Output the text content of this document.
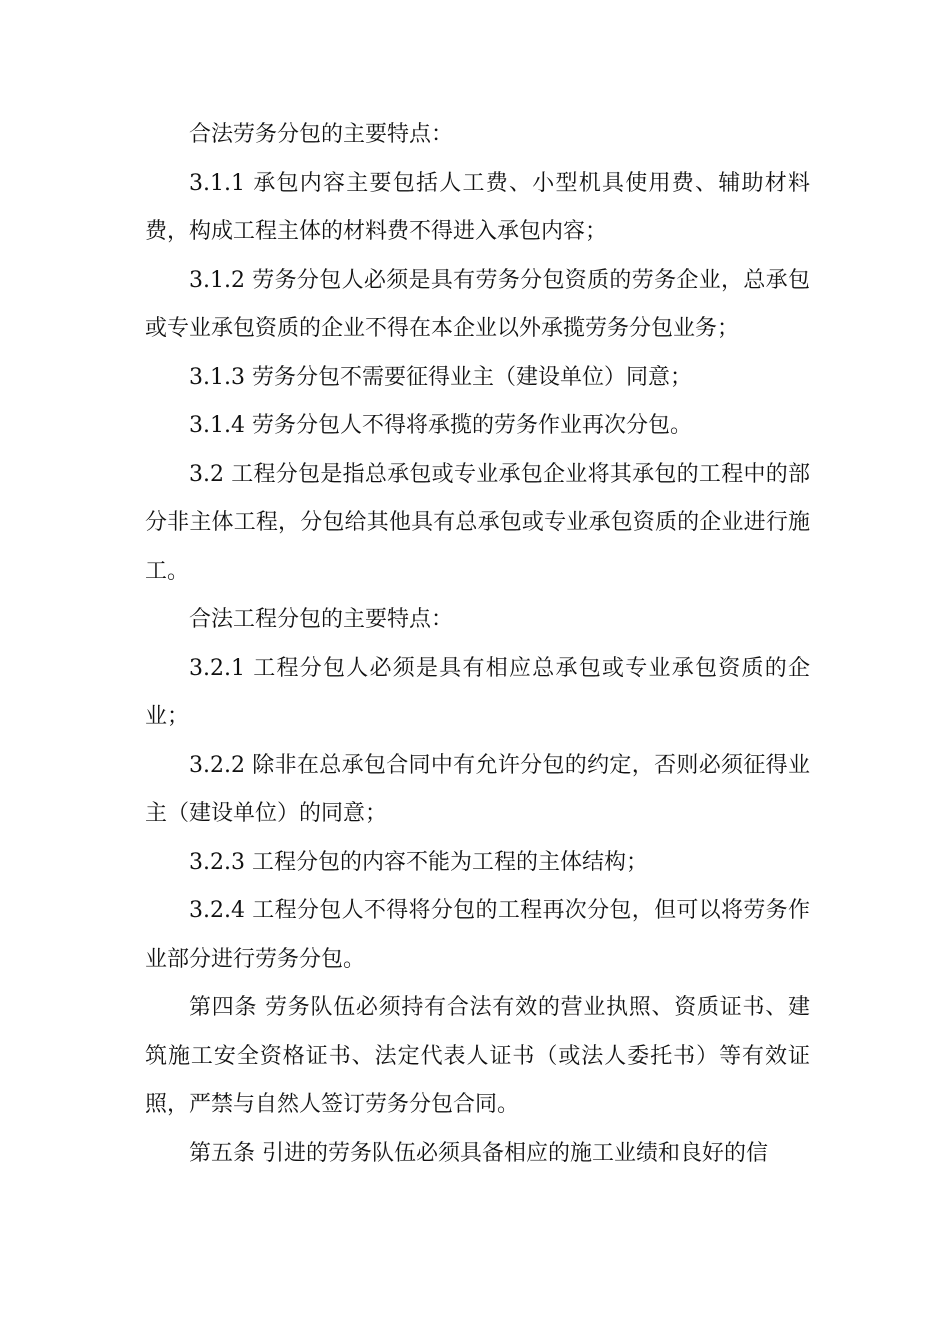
合法劳务分包的主要特点：

3.1.1 承包内容主要包括人工费、小型机具使用费、辅助材料费，构成工程主体的材料费不得进入承包内容；

3.1.2 劳务分包人必须是具有劳务分包资质的劳务企业，总承包或专业承包资质的企业不得在本企业以外承揽劳务分包业务；

3.1.3 劳务分包不需要征得业主（建设单位）同意；

3.1.4 劳务分包人不得将承揽的劳务作业再次分包。

3.2 工程分包是指总承包或专业承包企业将其承包的工程中的部分非主体工程，分包给其他具有总承包或专业承包资质的企业进行施工。

合法工程分包的主要特点：

3.2.1 工程分包人必须是具有相应总承包或专业承包资质的企业；

3.2.2 除非在总承包合同中有允许分包的约定，否则必须征得业主（建设单位）的同意；

3.2.3 工程分包的内容不能为工程的主体结构；

3.2.4 工程分包人不得将分包的工程再次分包，但可以将劳务作业部分进行劳务分包。

第四条 劳务队伍必须持有合法有效的营业执照、资质证书、建筑施工安全资格证书、法定代表人证书（或法人委托书）等有效证照，严禁与自然人签订劳务分包合同。

第五条 引进的劳务队伍必须具备相应的施工业绩和良好的信
